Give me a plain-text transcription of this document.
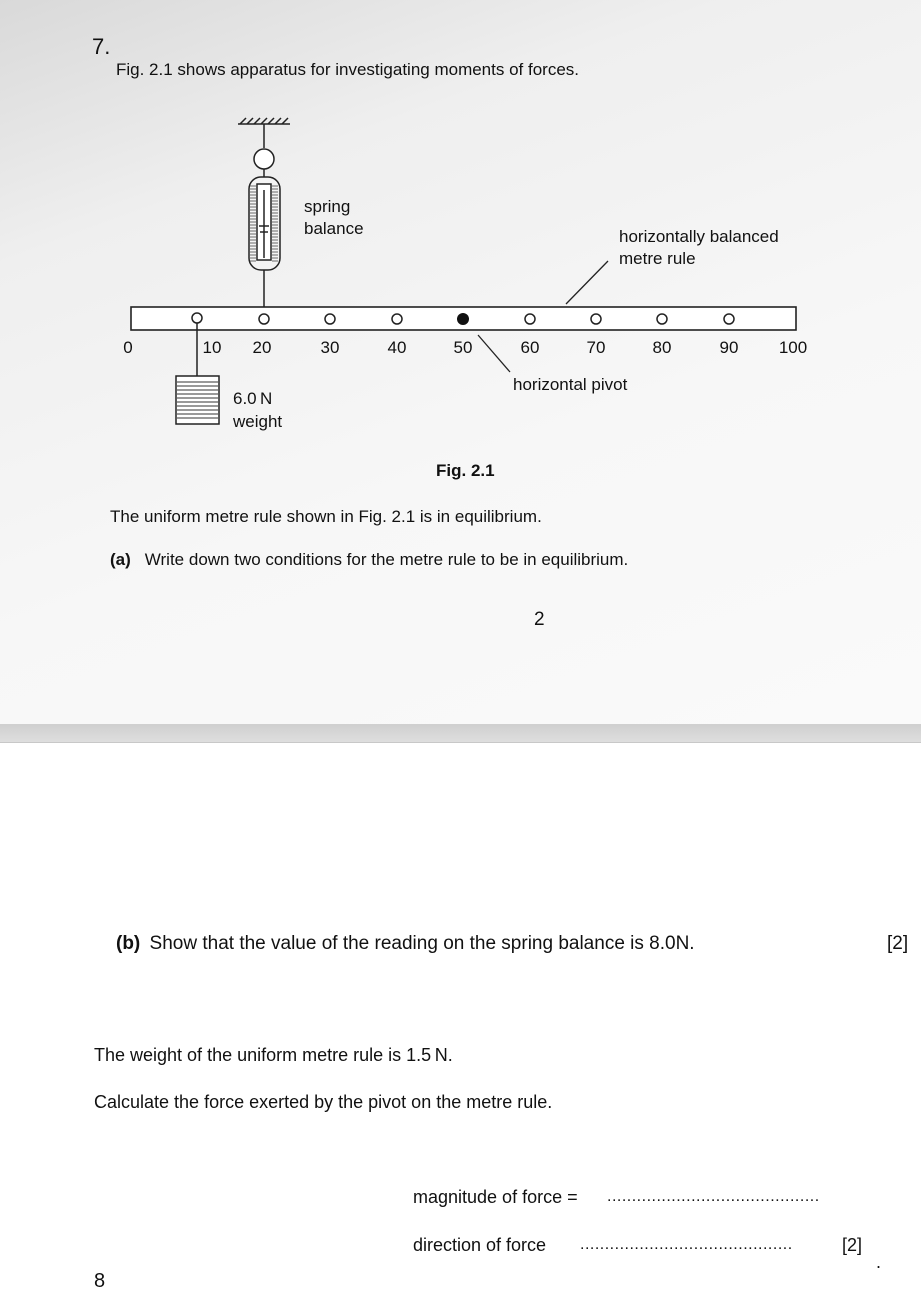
7.
Fig. 2.1 shows apparatus for investigating moments of forces.
spring
balance	horizontally balanced
metre rule
0	10 20	30	40	50	60	70	80	90 100
horizontal pivot
6.0 N
weight
Fig. 2.1
The uniform metre rule shown in Fig. 2.1 is in equilibrium.
(a) Write down two conditions for the metre rule to be in equilibrium.
2
(b) Show that the value of the reading on the spring balance is 8.0N.	[2]
The weight of the uniform metre rule is 1.5 N.
Calculate the force exerted by the pivot on the metre rule.
magnitude of force = ...........................................
direction of force ...........................................	[2]
.
8
